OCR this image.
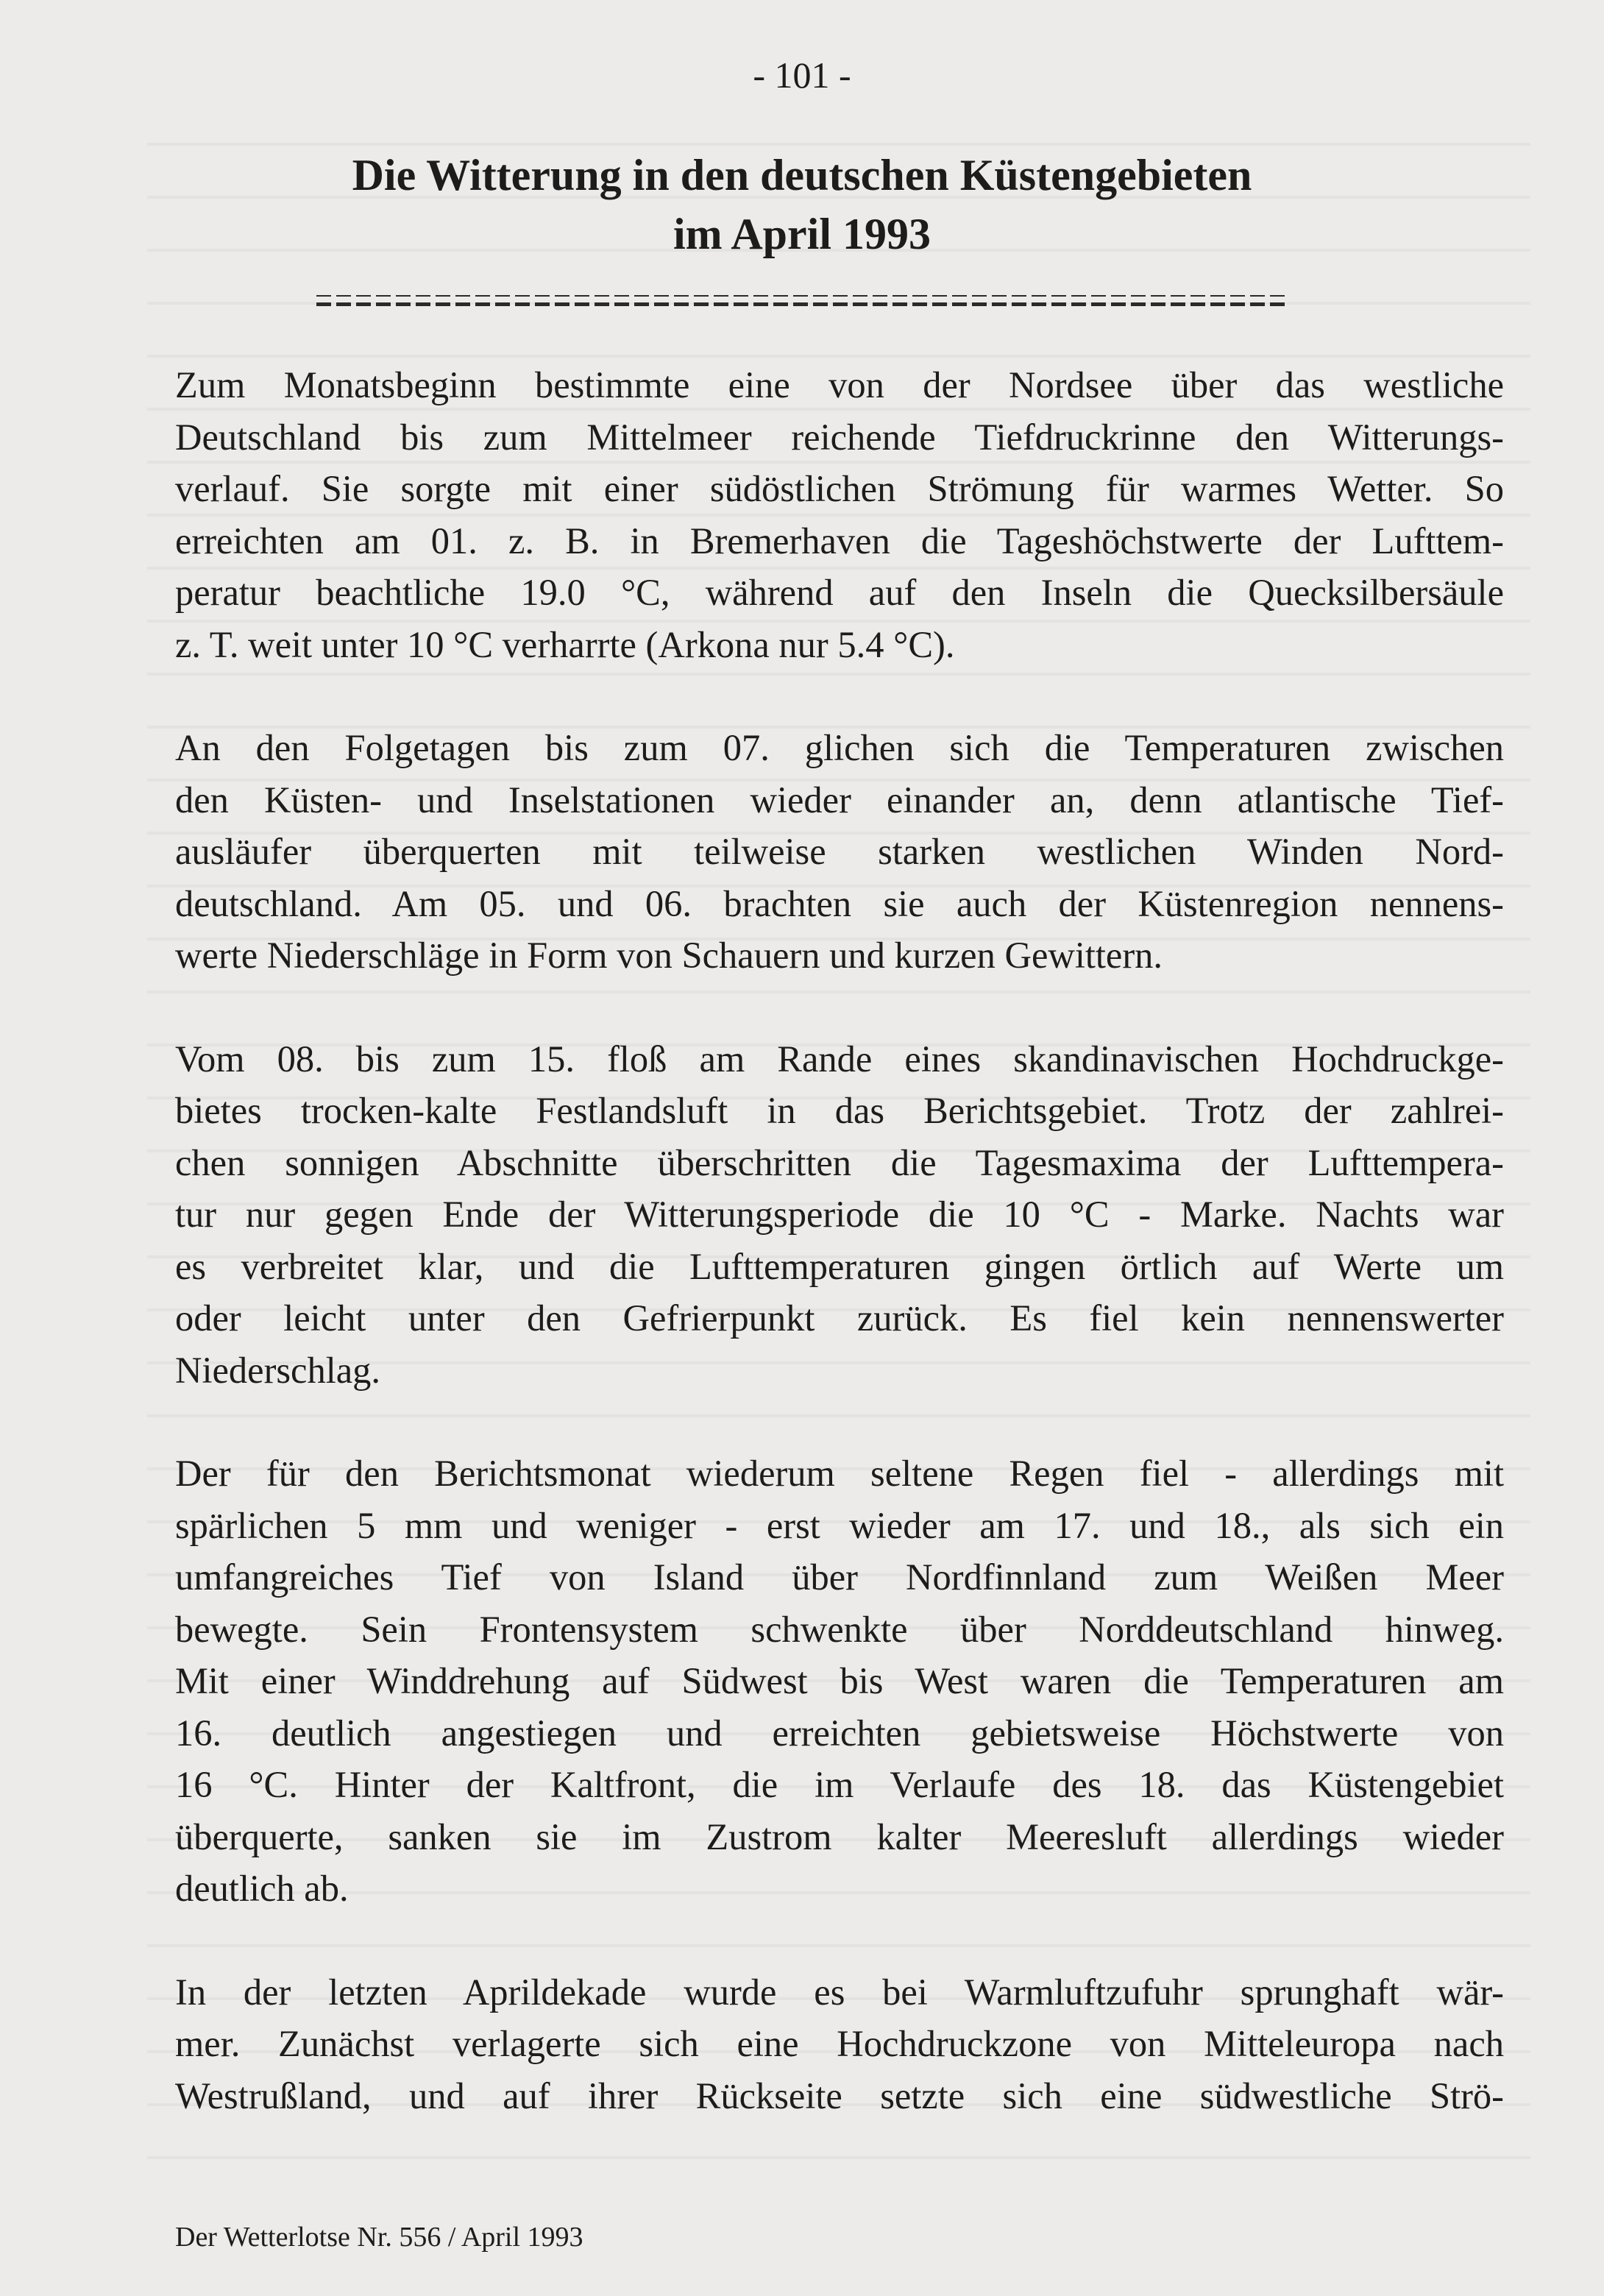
- 101 -
Die Witterung in den deutschen Küstengebieten
im April 1993

Zum Monatsbeginn bestimmte eine von der Nordsee über das westliche
Deutschland bis zum Mittelmeer reichende Tiefdruckrinne den Witterungs-
verlauf. Sie sorgte mit einer südöstlichen Strömung für warmes Wetter. So
erreichten am 01. z. B. in Bremerhaven die Tageshöchstwerte der Lufttem-
peratur beachtliche 19.0 °C, während auf den Inseln die Quecksilbersäule
z. T. weit unter 10 °C verharrte (Arkona nur 5.4 °C).

An den Folgetagen bis zum 07. glichen sich die Temperaturen zwischen
den Küsten- und Inselstationen wieder einander an, denn atlantische Tief-
ausläufer überquerten mit teilweise starken westlichen Winden Nord-
deutschland. Am 05. und 06. brachten sie auch der Küstenregion nennens-
werte Niederschläge in Form von Schauern und kurzen Gewittern.

Vom 08. bis zum 15. floß am Rande eines skandinavischen Hochdruckge-
bietes trocken-kalte Festlandsluft in das Berichtsgebiet. Trotz der zahlrei-
chen sonnigen Abschnitte überschritten die Tagesmaxima der Lufttempera-
tur nur gegen Ende der Witterungsperiode die 10 °C - Marke. Nachts war
es verbreitet klar, und die Lufttemperaturen gingen örtlich auf Werte um
oder leicht unter den Gefrierpunkt zurück. Es fiel kein nennenswerter
Niederschlag.

Der für den Berichtsmonat wiederum seltene Regen fiel - allerdings mit
spärlichen 5 mm und weniger - erst wieder am 17. und 18., als sich ein
umfangreiches Tief von Island über Nordfinnland zum Weißen Meer
bewegte. Sein Frontensystem schwenkte über Norddeutschland hinweg.
Mit einer Winddrehung auf Südwest bis West waren die Temperaturen am
16. deutlich angestiegen und erreichten gebietsweise Höchstwerte von
16 °C. Hinter der Kaltfront, die im Verlaufe des 18. das Küstengebiet
überquerte, sanken sie im Zustrom kalter Meeresluft allerdings wieder
deutlich ab.

In der letzten Aprildekade wurde es bei Warmluftzufuhr sprunghaft wär-
mer. Zunächst verlagerte sich eine Hochdruckzone von Mitteleuropa nach
Westrußland, und auf ihrer Rückseite setzte sich eine südwestliche Strö-

Der Wetterlotse Nr. 556 / April 1993
